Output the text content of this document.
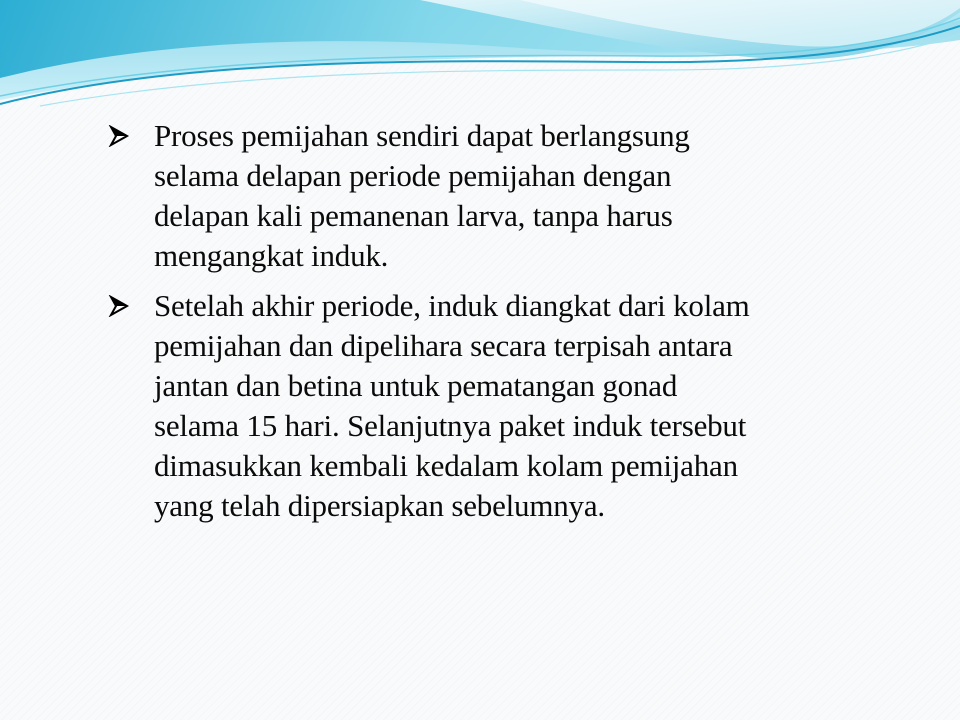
Proses pemijahan sendiri dapat berlangsung
selama delapan periode pemijahan dengan
delapan kali pemanenan larva, tanpa harus
mengangkat induk.
Setelah akhir periode, induk diangkat dari kolam
pemijahan dan dipelihara secara terpisah antara
jantan dan betina untuk pematangan gonad
selama 15 hari. Selanjutnya paket induk tersebut
dimasukkan kembali kedalam kolam pemijahan
yang telah dipersiapkan sebelumnya.
